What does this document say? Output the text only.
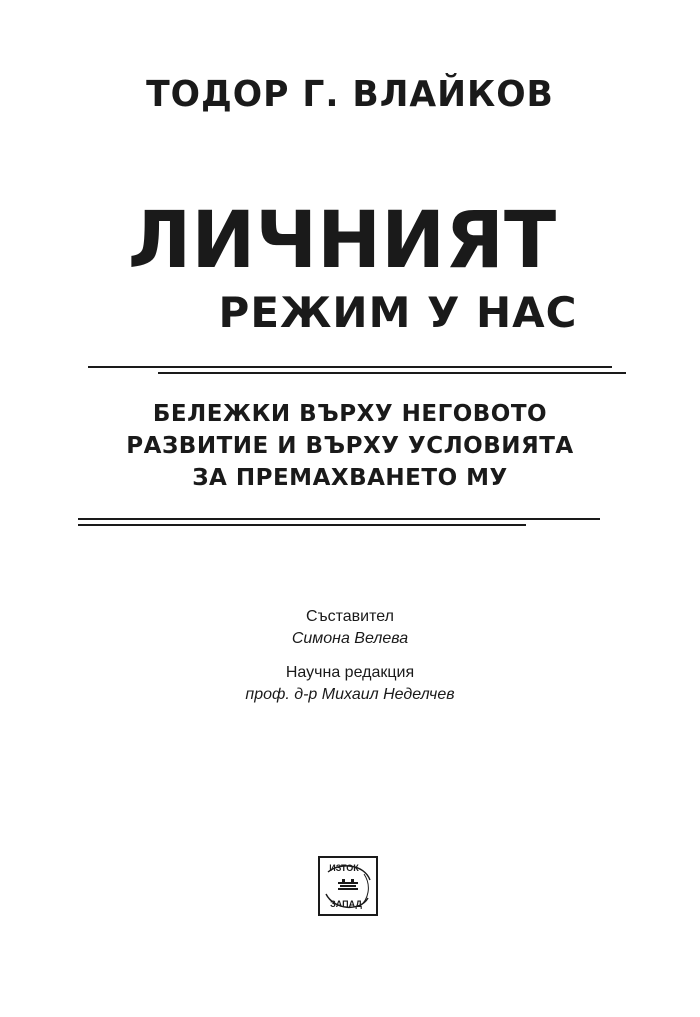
ТОДОР Г. ВЛАЙКОВ
ЛИЧНИЯТ
РЕЖИМ У НАС
БЕЛЕЖКИ ВЪРХУ НЕГОВОТО
РАЗВИТИЕ И ВЪРХУ УСЛОВИЯТА
ЗА ПРЕМАХВАНЕТО МУ
Съставител
Симона Велева
Научна редакция
проф. д-р Михаил Неделчев
ИЗТОК
ЗАПАД
